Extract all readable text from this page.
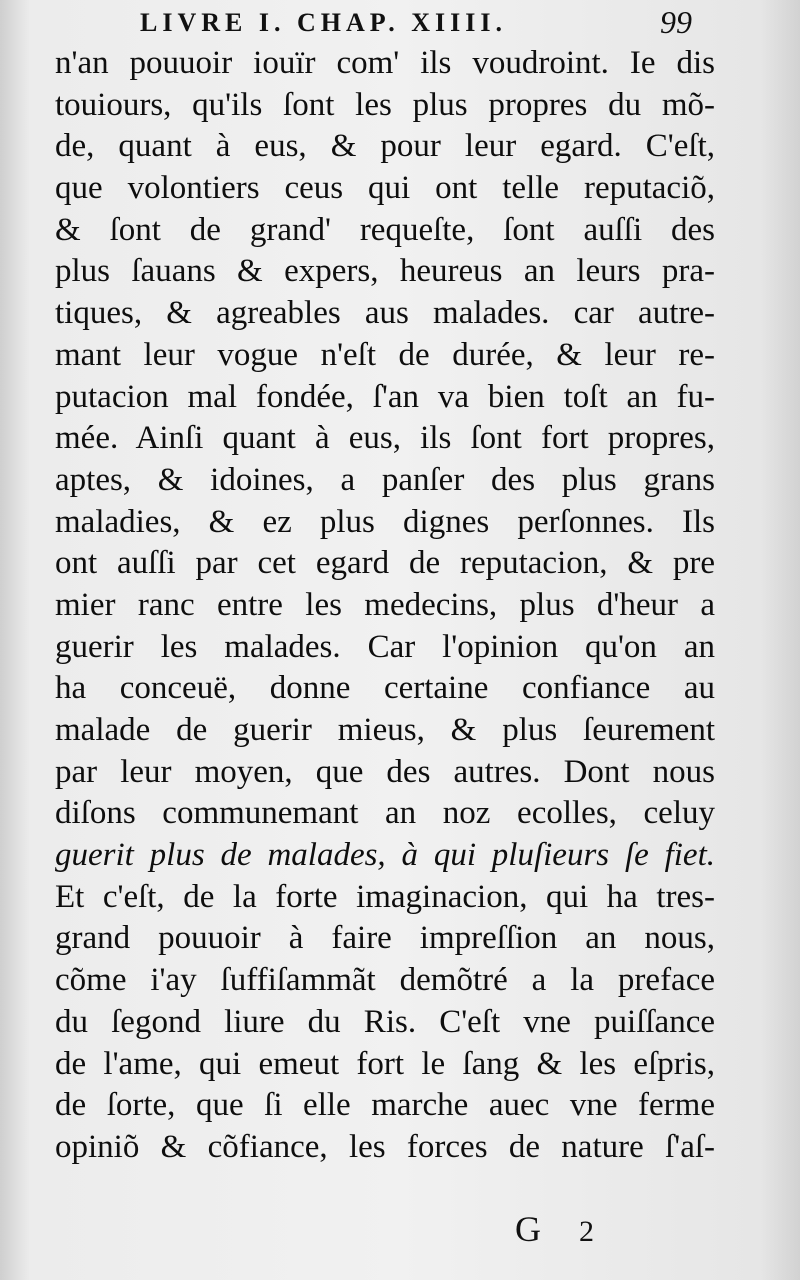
LIVRE I. CHAP. XIIII.	99
n'an pouuoir iouïr com' ils voudroint. Ie dis
touiours, qu'ils ſont les plus propres du mõ-
de, quant à eus, & pour leur egard. C'eſt,
que volontiers ceus qui ont telle reputaciõ,
& ſont de grand' requeſte, ſont auſſi des
plus ſauans & expers, heureus an leurs pra-
tiques, & agreables aus malades. car autre-
mant leur vogue n'eſt de durée, & leur re-
putacion mal fondée, ſ'an va bien toſt an fu-
mée. Ainſi quant à eus, ils ſont fort propres,
aptes, & idoines, a panſer des plus grans
maladies, & ez plus dignes perſonnes. Ils
ont auſſi par cet egard de reputacion, & pre
mier ranc entre les medecins, plus d'heur a
guerir les malades. Car l'opinion qu'on an
ha conceuë, donne certaine confiance au
malade de guerir mieus, & plus ſeurement
par leur moyen, que des autres. Dont nous
diſons communemant an noz ecolles, celuy
guerit plus de malades, à qui pluſieurs ſe fiet.
Et c'eſt, de la forte imaginacion, qui ha tres-
grand pouuoir à faire impreſſion an nous,
cõme i'ay ſuffiſammãt demõtré a la preface
du ſegond liure du Ris. C'eſt vne puiſſance
de l'ame, qui emeut fort le ſang & les eſpris,
de ſorte, que ſi elle marche auec vne ferme
opiniõ & cõfiance, les forces de nature ſ'aſ-
G 2
